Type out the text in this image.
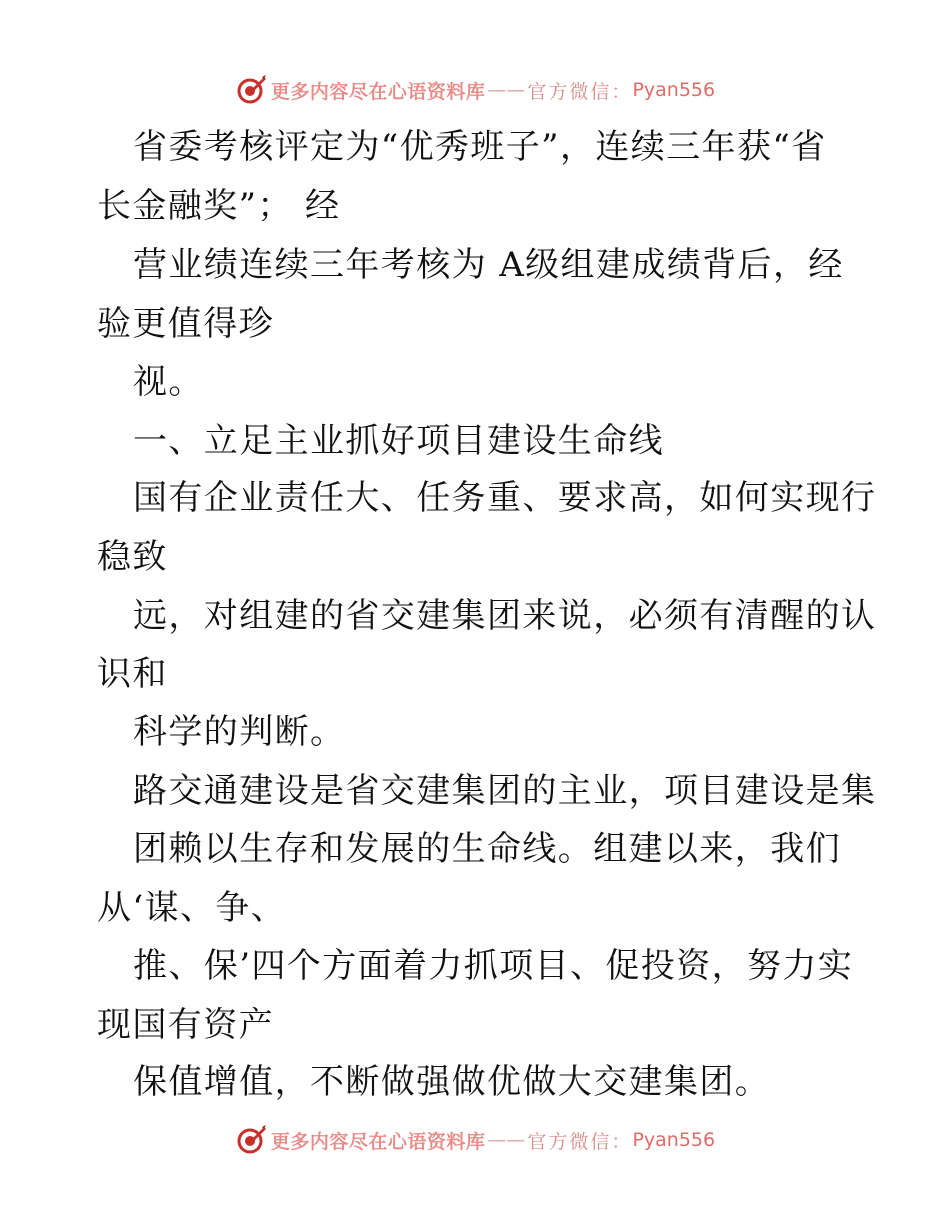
更多内容尽在心语资料库 —— 官方微信： Pyan556
省委考核评定为“优秀班子”，连续三年获“省
长金融奖”； 经
营业绩连续三年考核为 A级组建成绩背后，经
验更值得珍
视。
一、立足主业抓好项目建设生命线
国有企业责任大、任务重、要求高，如何实现行
稳致
远，对组建的省交建集团来说，必须有清醒的认
识和
科学的判断。
路交通建设是省交建集团的主业，项目建设是集
团赖以生存和发展的生命线。组建以来，我们
从‘谋、争、
推、保’四个方面着力抓项目、促投资，努力实
现国有资产
保值增值，不断做强做优做大交建集团。
更多内容尽在心语资料库 —— 官方微信： Pyan556
